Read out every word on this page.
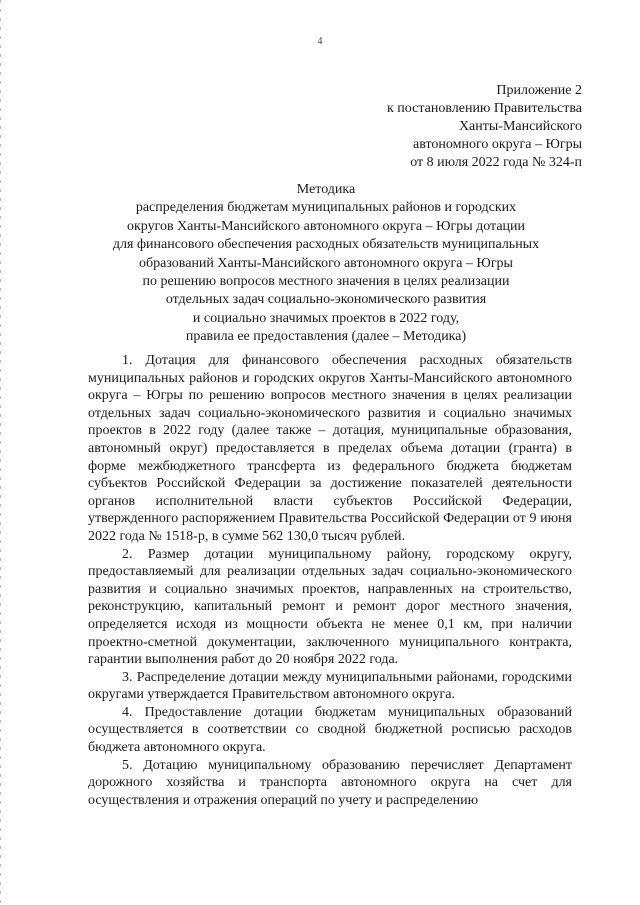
4
Приложение 2
к постановлению Правительства
Ханты-Мансийского
автономного округа – Югры
от 8 июля 2022 года № 324-п
Методика
распределения бюджетам муниципальных районов и городских
округов Ханты-Мансийского автономного округа – Югры дотации
для финансового обеспечения расходных обязательств муниципальных
образований Ханты-Мансийского автономного округа – Югры
по решению вопросов местного значения в целях реализации
отдельных задач социально-экономического развития
и социально значимых проектов в 2022 году,
правила ее предоставления (далее – Методика)

1. Дотация для финансового обеспечения расходных обязательств муниципальных районов и городских округов Ханты-Мансийского автономного округа – Югры по решению вопросов местного значения в целях реализации отдельных задач социально-экономического развития и социально значимых проектов в 2022 году (далее также – дотация, муниципальные образования, автономный округ) предоставляется в пределах объема дотации (гранта) в форме межбюджетного трансферта из федерального бюджета бюджетам субъектов Российской Федерации за достижение показателей деятельности органов исполнительной власти субъектов Российской Федерации, утвержденного распоряжением Правительства Российской Федерации от 9 июня 2022 года № 1518-р, в сумме 562 130,0 тысяч рублей.

2. Размер дотации муниципальному району, городскому округу, предоставляемый для реализации отдельных задач социально-экономического развития и социально значимых проектов, направленных на строительство, реконструкцию, капитальный ремонт и ремонт дорог местного значения, определяется исходя из мощности объекта не менее 0,1 км, при наличии проектно-сметной документации, заключенного муниципального контракта, гарантии выполнения работ до 20 ноября 2022 года.

3. Распределение дотации между муниципальными районами, городскими округами утверждается Правительством автономного округа.

4. Предоставление дотации бюджетам муниципальных образований осуществляется в соответствии со сводной бюджетной росписью расходов бюджета автономного округа.

5. Дотацию муниципальному образованию перечисляет Департамент дорожного хозяйства и транспорта автономного округа на счет для осуществления и отражения операций по учету и распределению
